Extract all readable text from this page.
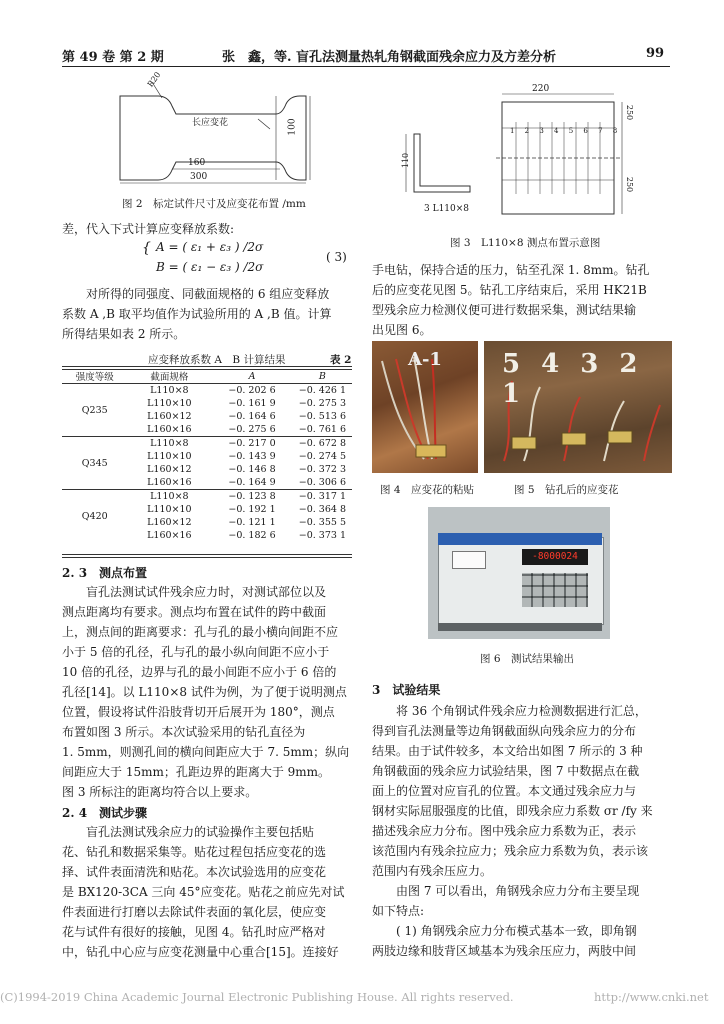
第 49 卷 第 2 期	张　鑫，等. 盲孔法测量热轧角钢截面残余应力及方差分析	99
R20
长应变花	100
160
300
图 2　标定试件尺寸及应变花布置 /mm
差，代入下式计算应变释放系数:
{ A = ( ε₁ + ε₃ ) /2σ
B = ( ε₁ − ε₃ ) /2σ
( 3)
对所得的同强度、同截面规格的 6 组应变释放
系数 A ,B 取平均值作为试验所用的 A ,B 值。计算
所得结果如表 2 所示。
应变释放系数 A　B 计算结果	表 2
强度等级	截面规格	A	B
Q235	L110×8	−0. 202 6	−0. 426 1
	L110×10	−0. 161 9	−0. 275 3
	L160×12	−0. 164 6	−0. 513 6
	L160×16	−0. 275 6	−0. 761 6
Q345	L110×8	−0. 217 0	−0. 672 8
	L110×10	−0. 143 9	−0. 274 5
	L160×12	−0. 146 8	−0. 372 3
	L160×16	−0. 164 9	−0. 306 6
Q420	L110×8	−0. 123 8	−0. 317 1
	L110×10	−0. 192 1	−0. 364 8
	L160×12	−0. 121 1	−0. 355 5
	L160×16	−0. 182 6	−0. 373 1
2. 3　测点布置
盲孔法测试试件残余应力时，对测试部位以及
测点距离均有要求。测点均布置在试件的跨中截面
上，测点间的距离要求：孔与孔的最小横向间距不应
小于 5 倍的孔径，孔与孔的最小纵向间距不应小于
10 倍的孔径，边界与孔的最小间距不应小于 6 倍的
孔径[14]。以 L110×8 试件为例，为了便于说明测点
位置，假设将试件沿肢背切开后展开为 180°，测点
布置如图 3 所示。本次试验采用的钻孔直径为
1. 5mm，则测孔间的横向间距应大于 7. 5mm；纵向
间距应大于 15mm；孔距边界的距离大于 9mm。
图 3 所标注的距离均符合以上要求。
2. 4　测试步骤
盲孔法测试残余应力的试验操作主要包括贴
花、钻孔和数据采集等。贴花过程包括应变花的选
择、试件表面清洗和贴花。本次试验选用的应变花
是 BX120-3CA 三向 45°应变花。贴花之前应先对试
件表面进行打磨以去除试件表面的氧化层，使应变
花与试件有很好的接触，见图 4。钻孔时应严格对
中，钻孔中心应与应变花测量中心重合[15]。连接好
220
250
250
110
3 L110×8
1 2 3 4 5 6 7 8
图 3　L110×8 测点布置示意图
手电钻，保持合适的压力，钻至孔深 1. 8mm。钻孔
后的应变花见图 5。钻孔工序结束后，采用 HK21B
型残余应力检测仪便可进行数据采集，测试结果输
出见图 6。
A-1 5 4 3 2 1
图 4　应变花的粘贴	图 5　钻孔后的应变花
-8000024
图 6　测试结果输出
3　试验结果
将 36 个角钢试件残余应力检测数据进行汇总，
得到盲孔法测量等边角钢截面纵向残余应力的分布
结果。由于试件较多，本文给出如图 7 所示的 3 种
角钢截面的残余应力试验结果，图 7 中数据点在截
面上的位置对应盲孔的位置。本文通过残余应力与
钢材实际屈服强度的比值，即残余应力系数 σr /fy 来
描述残余应力分布。图中残余应力系数为正，表示
该范围内有残余拉应力；残余应力系数为负，表示该
范围内有残余压应力。
由图 7 可以看出，角钢残余应力分布主要呈现
如下特点:
( 1) 角钢残余应力分布模式基本一致，即角钢
两肢边缘和肢背区域基本为残余压应力，两肢中间
(C)1994-2019 China Academic Journal Electronic Publishing House. All rights reserved.	http://www.cnki.net
